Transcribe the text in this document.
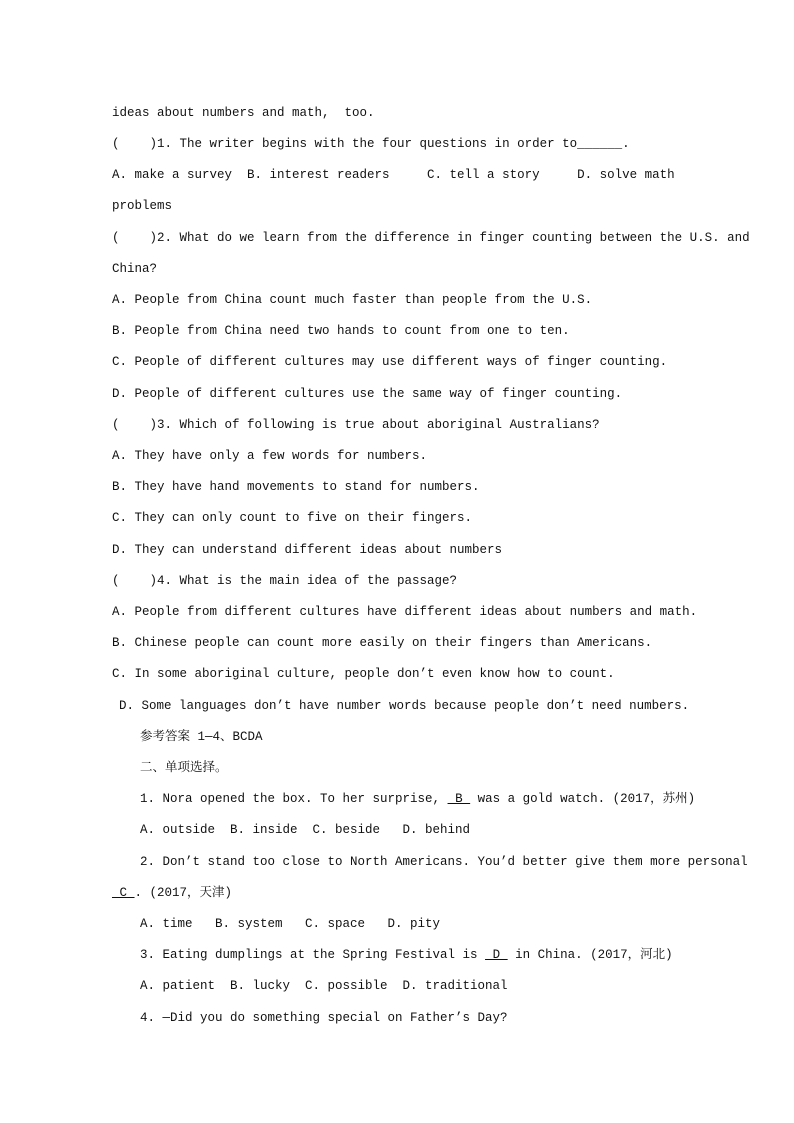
ideas about numbers and math,  too.
(    )1. The writer begins with the four questions in order to______.
A. make a survey  B. interest readers     C. tell a story     D. solve math
problems
(    )2. What do we learn from the difference in finger counting between the U.S. and
China?
A. People from China count much faster than people from the U.S.
B. People from China need two hands to count from one to ten.
C. People of different cultures may use different ways of finger counting.
D. People of different cultures use the same way of finger counting.
(    )3. Which of following is true about aboriginal Australians?
A. They have only a few words for numbers.
B. They have hand movements to stand for numbers.
C. They can only count to five on their fingers.
D. They can understand different ideas about numbers
(    )4. What is the main idea of the passage?
A. People from different cultures have different ideas about numbers and math.
B. Chinese people can count more easily on their fingers than Americans.
C. In some aboriginal culture, people don’t even know how to count.
D. Some languages don’t have number words because people don’t need numbers.
参考答案 1—4、BCDA
二、单项选择。
1. Nora opened the box. To her surprise, _B_ was a gold watch. (2017，苏州)
A. outside  B. inside  C. beside   D. behind
2. Don’t stand too close to North Americans. You’d better give them more personal
_C_. (2017，天津)
A. time   B. system   C. space   D. pity
3. Eating dumplings at the Spring Festival is _D_ in China. (2017，河北)
A. patient  B. lucky  C. possible  D. traditional
4. —Did you do something special on Father’s Day?
